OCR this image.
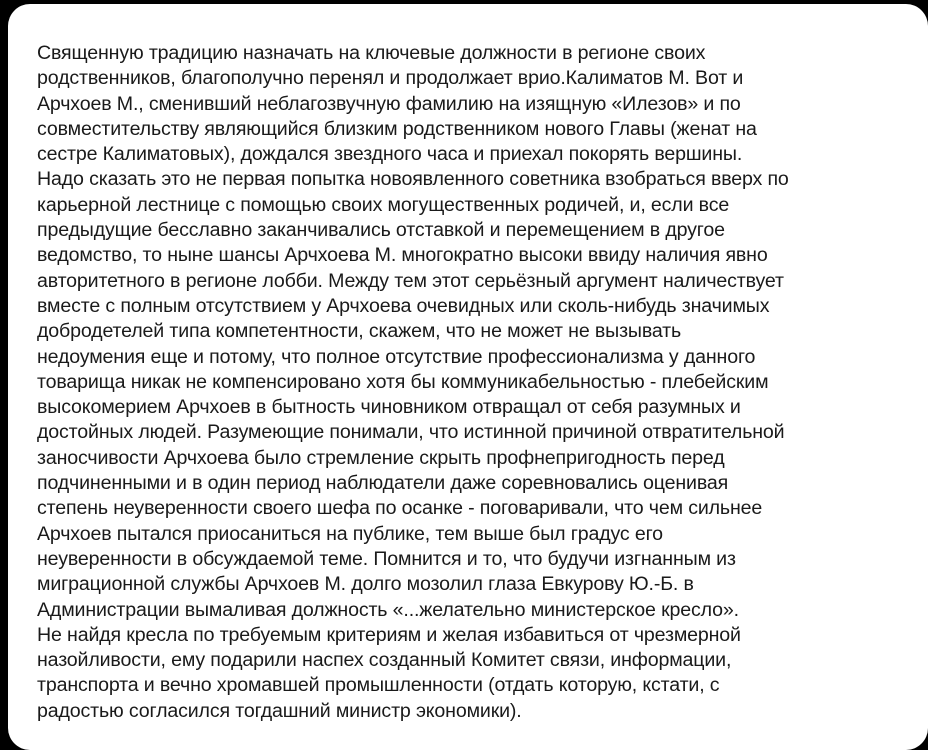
Священную традицию назначать на ключевые должности в регионе своих
родственников, благополучно перенял и продолжает врио.Калиматов М. Вот и
Арчхоев М., сменивший неблагозвучную фамилию на изящную «Илезов» и по
совместительству являющийся близким родственником нового Главы (женат на
сестре Калиматовых), дождался звездного часа и приехал покорять вершины.
Надо сказать это не первая попытка новоявленного советника взобраться вверх по
карьерной лестнице с помощью своих могущественных родичей, и, если все
предыдущие бесславно заканчивались отставкой и перемещением в другое
ведомство, то ныне шансы Арчхоева М. многократно высоки ввиду наличия явно
авторитетного в регионе лобби. Между тем этот серьёзный аргумент наличествует
вместе с полным отсутствием у Арчхоева очевидных или сколь-нибудь значимых
добродетелей типа компетентности, скажем, что не может не вызывать
недоумения еще и потому, что полное отсутствие профессионализма у данного
товарища никак не компенсировано хотя бы коммуникабельностью - плебейским
высокомерием Арчхоев в бытность чиновником отвращал от себя разумных и
достойных людей. Разумеющие понимали, что истинной причиной отвратительной
заносчивости Арчхоева было стремление скрыть профнепригодность перед
подчиненными и в один период наблюдатели даже соревновались оценивая
степень неуверенности своего шефа по осанке - поговаривали, что чем сильнее
Арчхоев пытался приосаниться на публике, тем выше был градус его
неуверенности в обсуждаемой теме. Помнится и то, что будучи изгнанным из
миграционной службы Арчхоев М. долго мозолил глаза Евкурову Ю.-Б. в
Администрации вымаливая должность «...желательно министерское кресло».
Не найдя кресла по требуемым критериям и желая избавиться от чрезмерной
назойливости, ему подарили наспех созданный Комитет связи, информации,
транспорта и вечно хромавшей промышленности (отдать которую, кстати, с
радостью согласился тогдашний министр экономики).
